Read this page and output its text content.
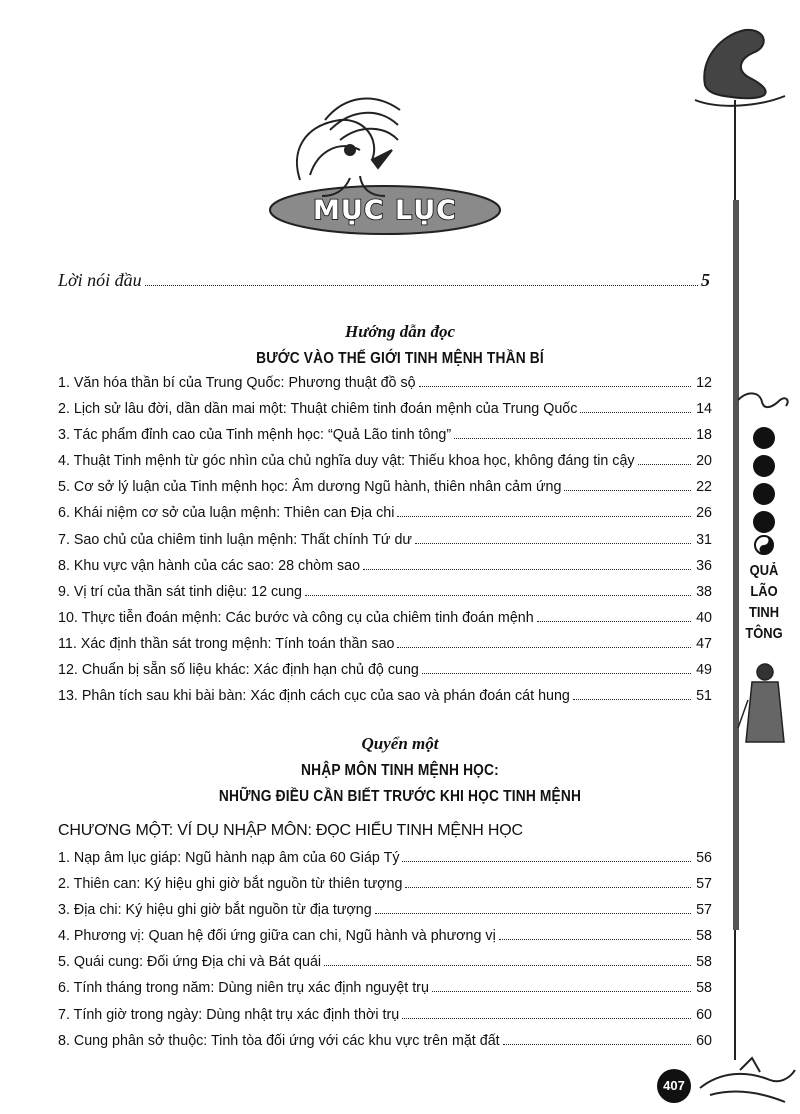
MỤC LỤC
Lời nói đầu	5
Hướng dẫn đọc
BƯỚC VÀO THẾ GIỚI TINH MỆNH THẦN BÍ
1. Văn hóa thần bí của Trung Quốc: Phương thuật đồ sộ	12
2. Lịch sử lâu đời, dần dần mai một: Thuật chiêm tinh đoán mệnh của Trung Quốc	14
3. Tác phẩm đỉnh cao của Tinh mệnh học: “Quả Lão tinh tông”	18
4. Thuật Tinh mệnh từ góc nhìn của chủ nghĩa duy vật: Thiếu khoa học, không đáng tin cậy	20
5. Cơ sở lý luận của Tinh mệnh học: Âm dương Ngũ hành, thiên nhân cảm ứng	22
6. Khái niệm cơ sở của luận mệnh: Thiên can Địa chi	26
7. Sao chủ của chiêm tinh luận mệnh: Thất chính Tứ dư	31
8. Khu vực vận hành của các sao: 28 chòm sao	36
9. Vị trí của thần sát tinh diệu: 12 cung	38
10. Thực tiễn đoán mệnh: Các bước và công cụ của chiêm tinh đoán mệnh	40
11. Xác định thần sát trong mệnh: Tính toán thần sao	47
12. Chuẩn bị sẵn số liệu khác: Xác định hạn chủ độ cung	49
13. Phân tích sau khi bài bàn: Xác định cách cục của sao và phán đoán cát hung	51
Quyển một
NHẬP MÔN TINH MỆNH HỌC:
NHỮNG ĐIỀU CẦN BIẾT TRƯỚC KHI HỌC TINH MỆNH
CHƯƠNG MỘT: VÍ DỤ NHẬP MÔN: ĐỌC HIỂU TINH MỆNH HỌC
1. Nạp âm lục giáp: Ngũ hành nạp âm của 60 Giáp Tý	56
2. Thiên can: Ký hiệu ghi giờ bắt nguồn từ thiên tượng	57
3. Địa chi: Ký hiệu ghi giờ bắt nguồn từ địa tượng	57
4. Phương vị: Quan hệ đối ứng giữa can chi, Ngũ hành và phương vị	58
5. Quái cung: Đối ứng Địa chi và Bát quái	58
6. Tính tháng trong năm: Dùng niên trụ xác định nguyệt trụ	58
7. Tính giờ trong ngày: Dùng nhật trụ xác định thời trụ	60
8. Cung phân sở thuộc: Tinh tòa đối ứng với các khu vực trên mặt đất	60
QUẢ
LÃO
TINH
TÔNG
407
